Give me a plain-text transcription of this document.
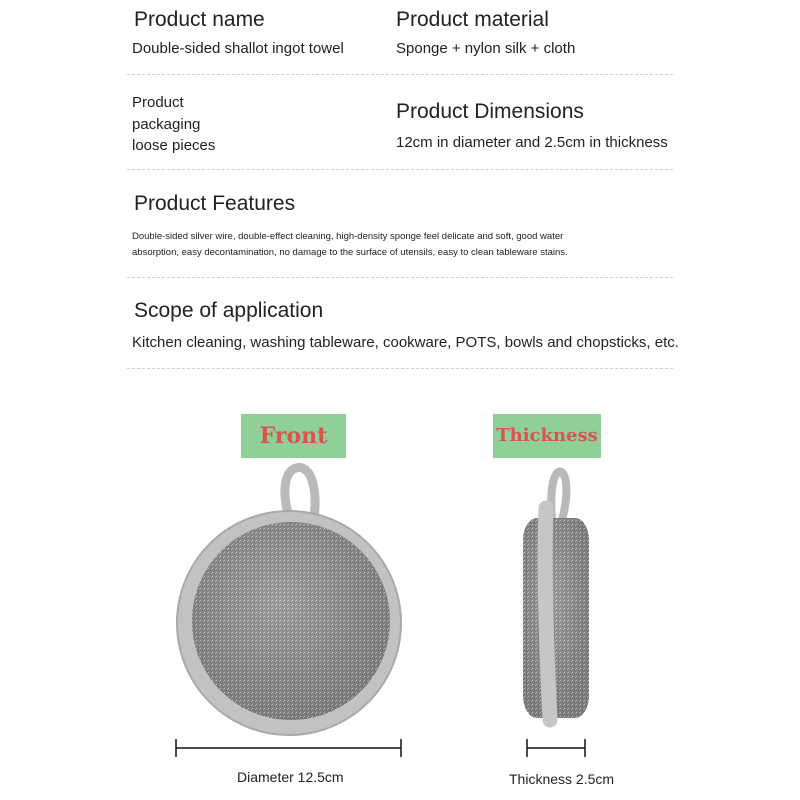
Product name
Double-sided shallot ingot towel
Product material
Sponge + nylon silk + cloth
Product
packaging
loose pieces
Product Dimensions
12cm in diameter and 2.5cm in thickness
Product Features
Double-sided silver wire, double-effect cleaning, high-density sponge feel delicate and soft, good water
absorption, easy decontamination, no damage to the surface of utensils, easy to clean tableware stains.
Scope of application
Kitchen cleaning, washing tableware, cookware, POTS, bowls and chopsticks, etc.
Front	Thickness
Diameter 12.5cm	Thickness 2.5cm
